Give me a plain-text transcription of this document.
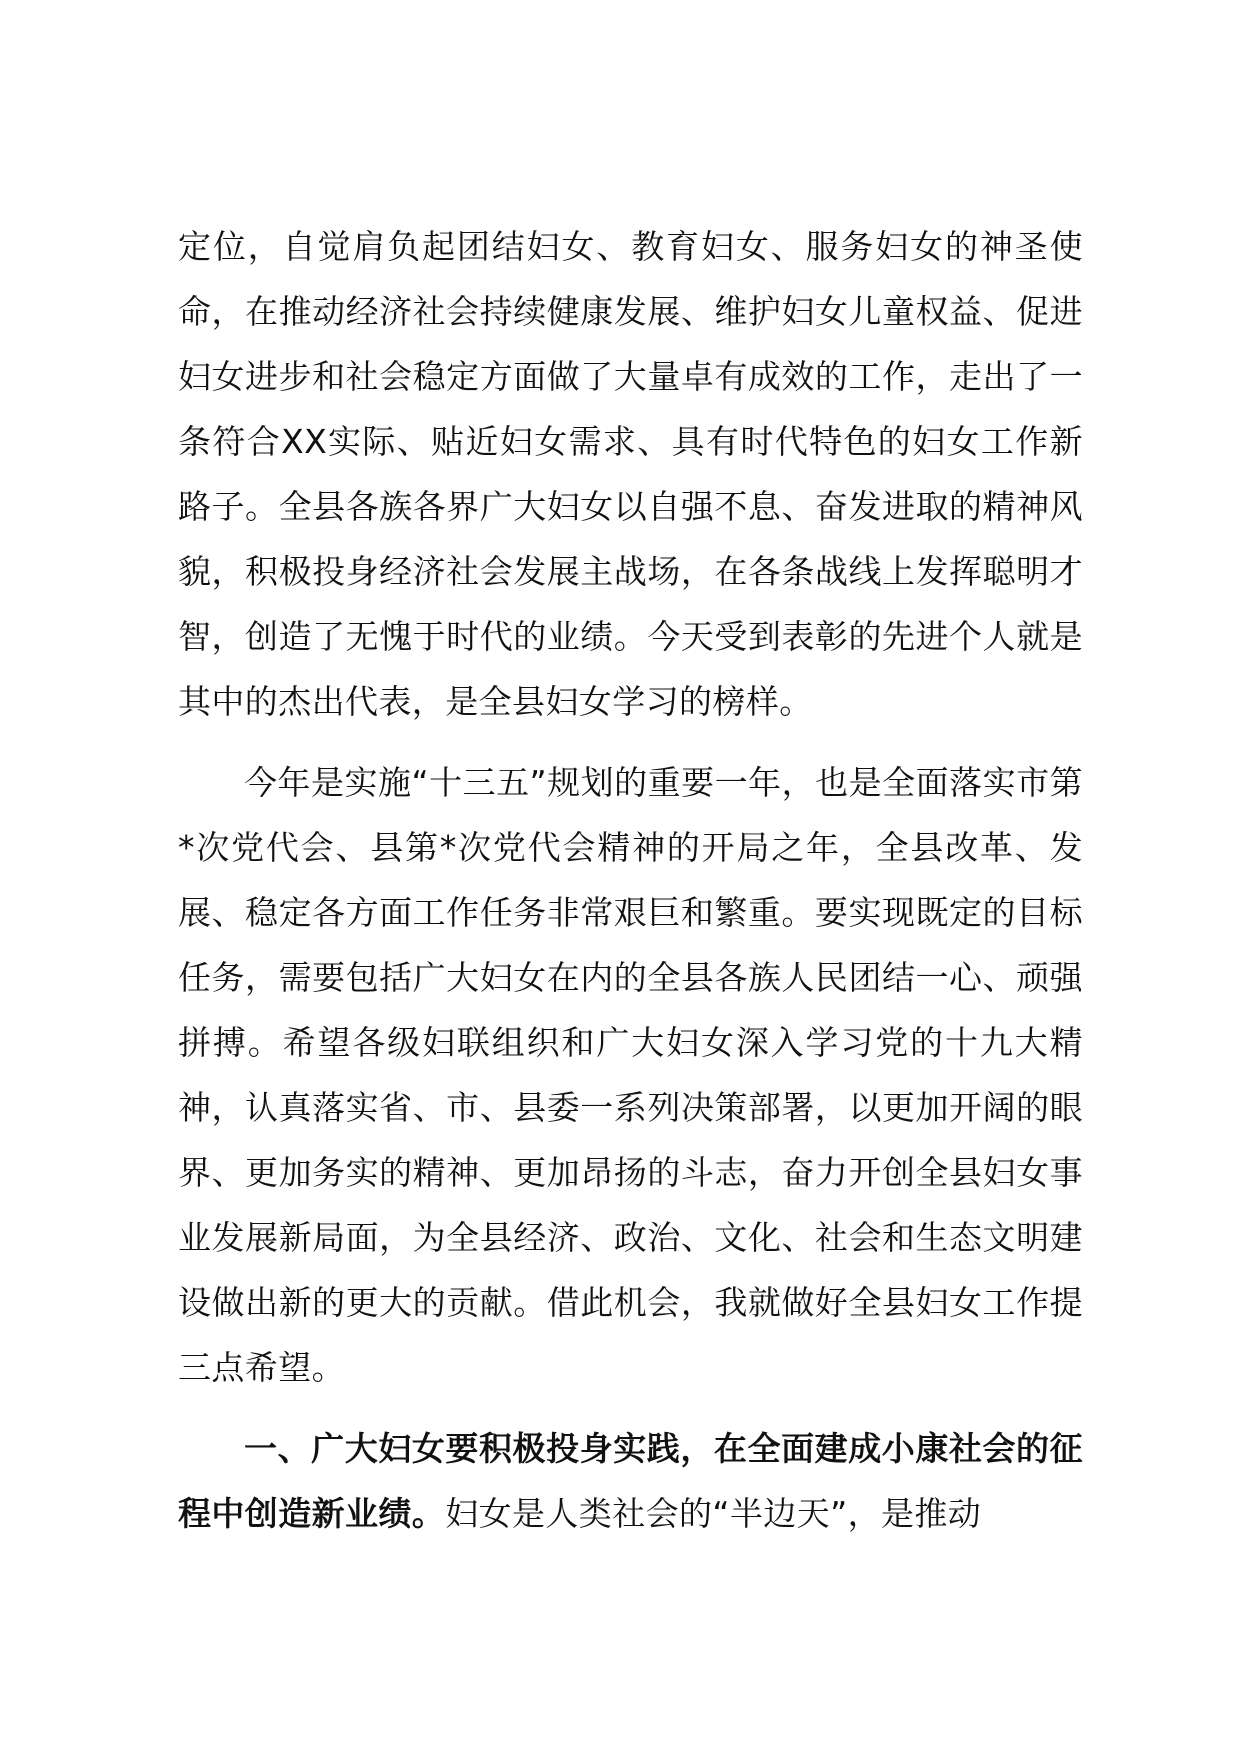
定位，自觉肩负起团结妇女、教育妇女、服务妇女的神圣使命，在推动经济社会持续健康发展、维护妇女儿童权益、促进妇女进步和社会稳定方面做了大量卓有成效的工作，走出了一条符合XX实际、贴近妇女需求、具有时代特色的妇女工作新路子。全县各族各界广大妇女以自强不息、奋发进取的精神风貌，积极投身经济社会发展主战场，在各条战线上发挥聪明才智，创造了无愧于时代的业绩。今天受到表彰的先进个人就是其中的杰出代表，是全县妇女学习的榜样。

今年是实施“十三五”规划的重要一年，也是全面落实市第*次党代会、县第*次党代会精神的开局之年，全县改革、发展、稳定各方面工作任务非常艰巨和繁重。要实现既定的目标任务，需要包括广大妇女在内的全县各族人民团结一心、顽强拼搏。希望各级妇联组织和广大妇女深入学习党的十九大精神，认真落实省、市、县委一系列决策部署，以更加开阔的眼界、更加务实的精神、更加昂扬的斗志，奋力开创全县妇女事业发展新局面，为全县经济、政治、文化、社会和生态文明建设做出新的更大的贡献。借此机会，我就做好全县妇女工作提三点希望。

一、广大妇女要积极投身实践，在全面建成小康社会的征程中创造新业绩。妇女是人类社会的“半边天”，是推动
